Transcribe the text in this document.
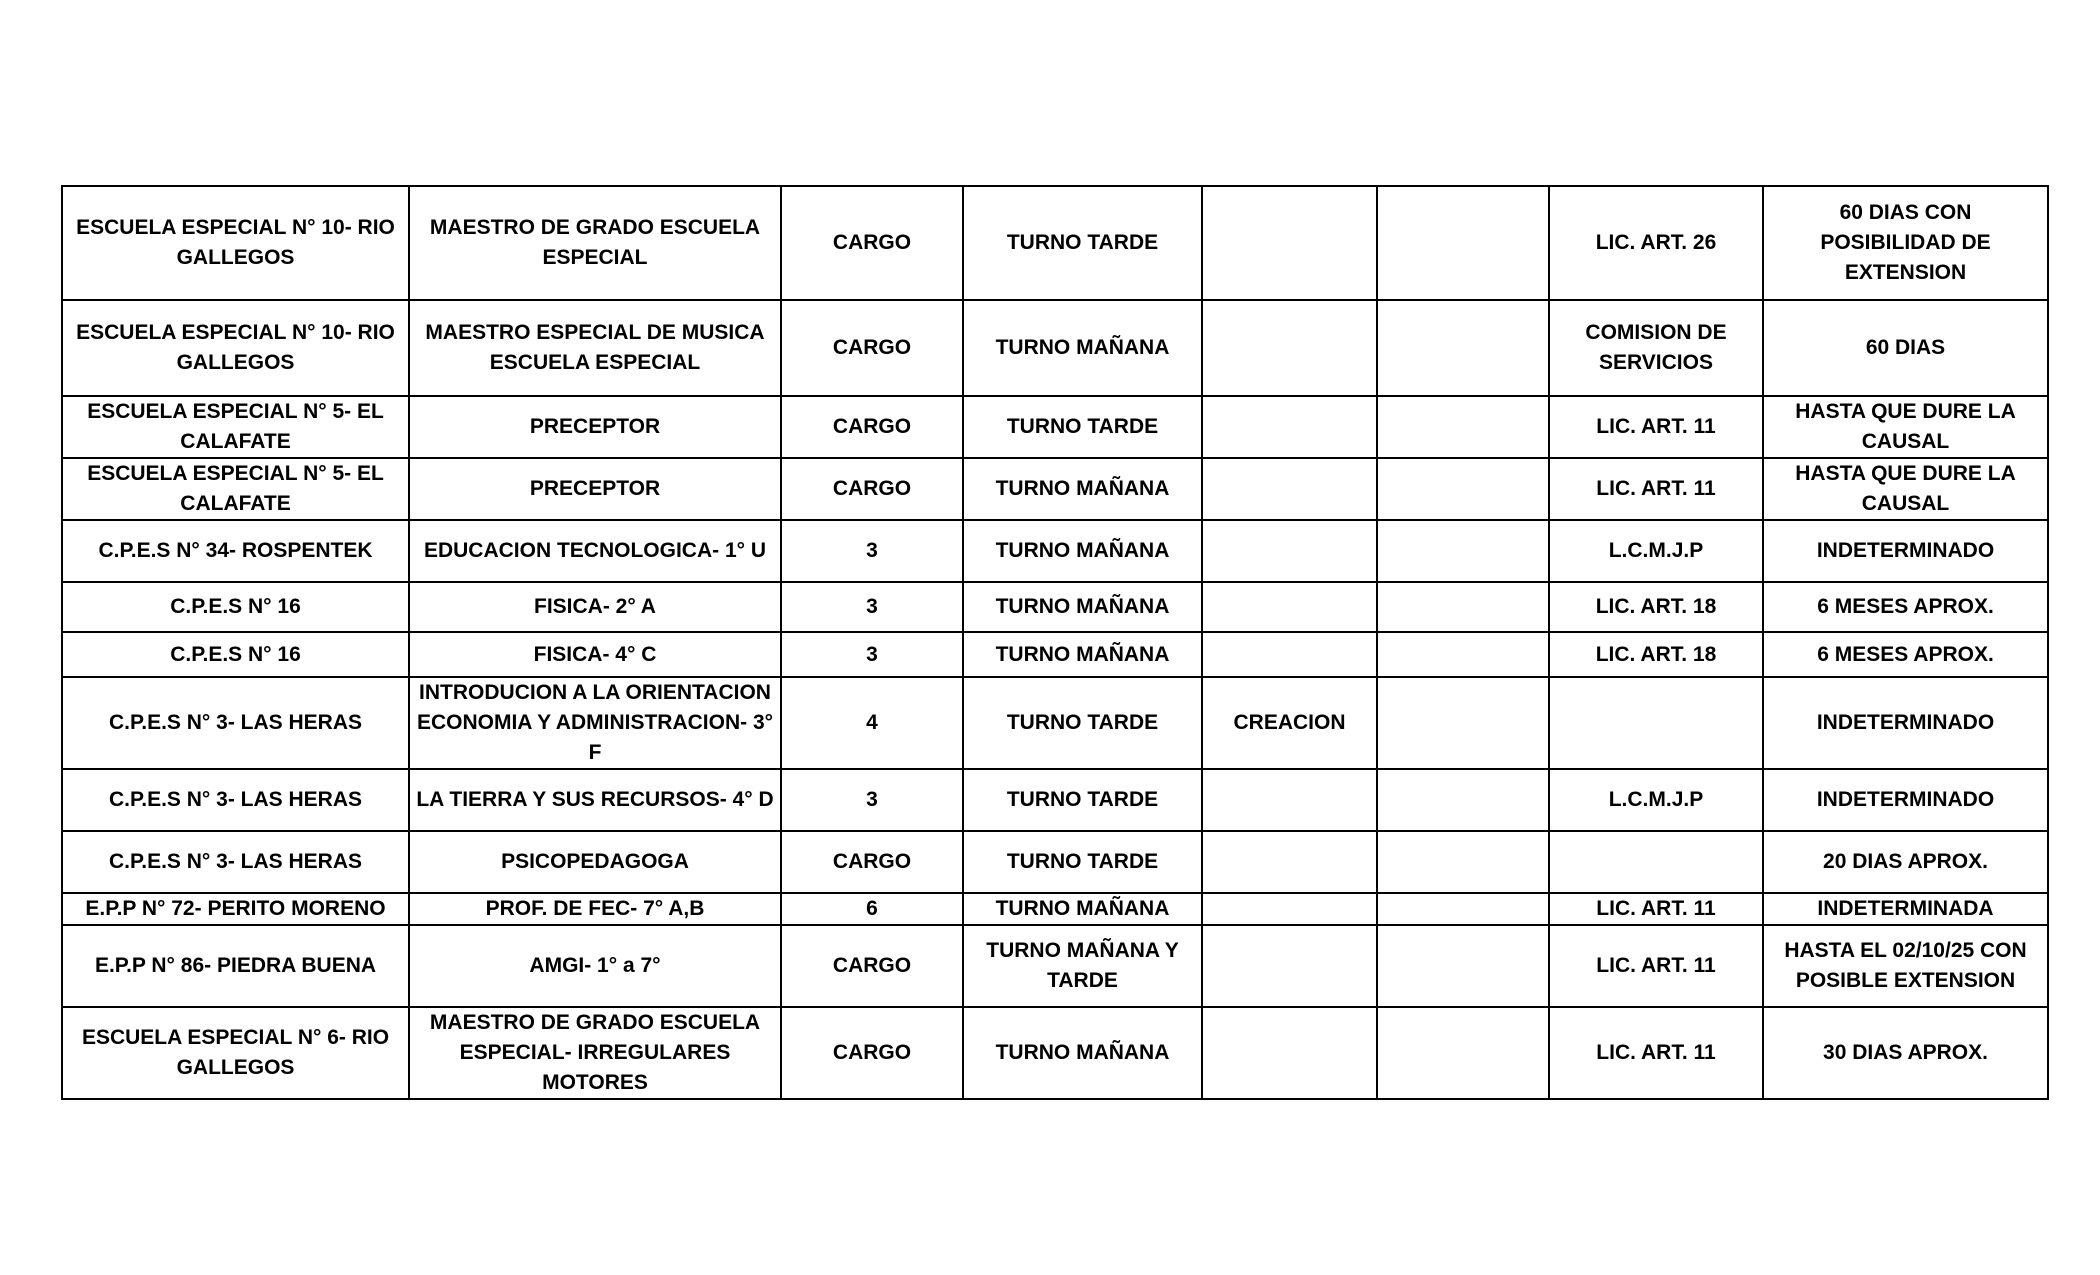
ESCUELA ESPECIAL N° 10- RIO GALLEGOS	MAESTRO DE GRADO ESCUELA ESPECIAL	CARGO	TURNO TARDE			LIC. ART. 26	60 DIAS CON POSIBILIDAD DE EXTENSION
ESCUELA ESPECIAL N° 10- RIO GALLEGOS	MAESTRO ESPECIAL DE MUSICA ESCUELA ESPECIAL	CARGO	TURNO MAÑANA			COMISION DE SERVICIOS	60 DIAS
ESCUELA ESPECIAL N° 5- EL CALAFATE	PRECEPTOR	CARGO	TURNO TARDE			LIC. ART. 11	HASTA QUE DURE LA CAUSAL
ESCUELA ESPECIAL N° 5- EL CALAFATE	PRECEPTOR	CARGO	TURNO MAÑANA			LIC. ART. 11	HASTA QUE DURE LA CAUSAL
C.P.E.S N° 34- ROSPENTEK	EDUCACION TECNOLOGICA- 1° U	3	TURNO MAÑANA			L.C.M.J.P	INDETERMINADO
C.P.E.S N° 16	FISICA- 2° A	3	TURNO MAÑANA			LIC. ART. 18	6 MESES APROX.
C.P.E.S N° 16	FISICA- 4° C	3	TURNO MAÑANA			LIC. ART. 18	6 MESES APROX.
C.P.E.S N° 3- LAS HERAS	INTRODUCION A LA ORIENTACION ECONOMIA Y ADMINISTRACION- 3° F	4	TURNO TARDE	CREACION			INDETERMINADO
C.P.E.S N° 3- LAS HERAS	LA TIERRA Y SUS RECURSOS- 4° D	3	TURNO TARDE			L.C.M.J.P	INDETERMINADO
C.P.E.S N° 3- LAS HERAS	PSICOPEDAGOGA	CARGO	TURNO TARDE				20 DIAS APROX.
E.P.P N° 72- PERITO MORENO	PROF. DE FEC- 7° A,B	6	TURNO MAÑANA			LIC. ART. 11	INDETERMINADA
E.P.P N° 86- PIEDRA BUENA	AMGI- 1° a 7°	CARGO	TURNO MAÑANA Y TARDE			LIC. ART. 11	HASTA EL 02/10/25 CON POSIBLE EXTENSION
ESCUELA ESPECIAL N° 6- RIO GALLEGOS	MAESTRO DE GRADO ESCUELA ESPECIAL- IRREGULARES MOTORES	CARGO	TURNO MAÑANA			LIC. ART. 11	30 DIAS APROX.
